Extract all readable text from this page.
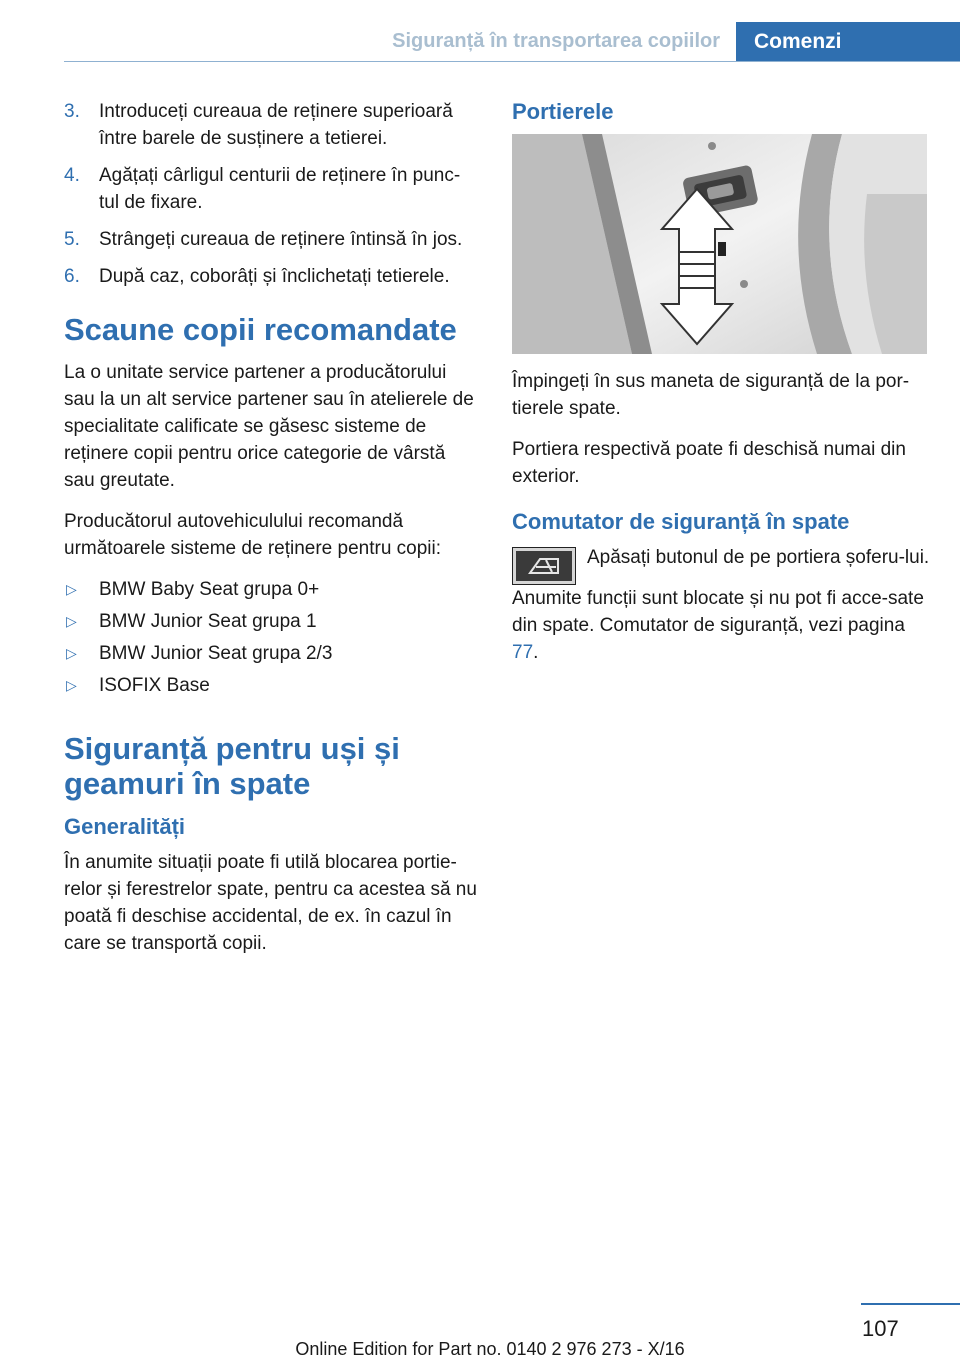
Siguranță în transportarea copiilor	Comenzi
3. Introduceți cureaua de reținere superioară între barele de susținere a tetierei.
4. Agățați cârligul centurii de reținere în punc‐tul de fixare.
5. Strângeți cureaua de reținere întinsă în jos.
6. După caz, coborâți și înclichetați tetierele.
Scaune copii recomandate

La o unitate service partener a producătorului sau la un alt service partener sau în atelierele de specialitate calificate se găsesc sisteme de reținere copii pentru orice categorie de vârstă sau greutate.

Producătorul autovehiculului recomandă următoarele sisteme de reținere pentru copii:

▷ BMW Baby Seat grupa 0+
▷ BMW Junior Seat grupa 1
▷ BMW Junior Seat grupa 2/3
▷ ISOFIX Base
Siguranță pentru uși și geamuri în spate
Generalități

În anumite situații poate fi utilă blocarea portie‐relor și ferestrelor spate, pentru ca acestea să nu poată fi deschise accidental, de ex. în cazul în care se transportă copii.

Portierele

Împingeți în sus maneta de siguranță de la por‐tierele spate.

Portiera respectivă poate fi deschisă numai din exterior.

Comutator de siguranță în spate

Apăsați butonul de pe portiera șoferu‐lui.

Anumite funcții sunt blocate și nu pot fi acce‐sate din spate. Comutator de siguranță, vezi pagina 77.

107
Online Edition for Part no. 0140 2 976 273 - X/16
